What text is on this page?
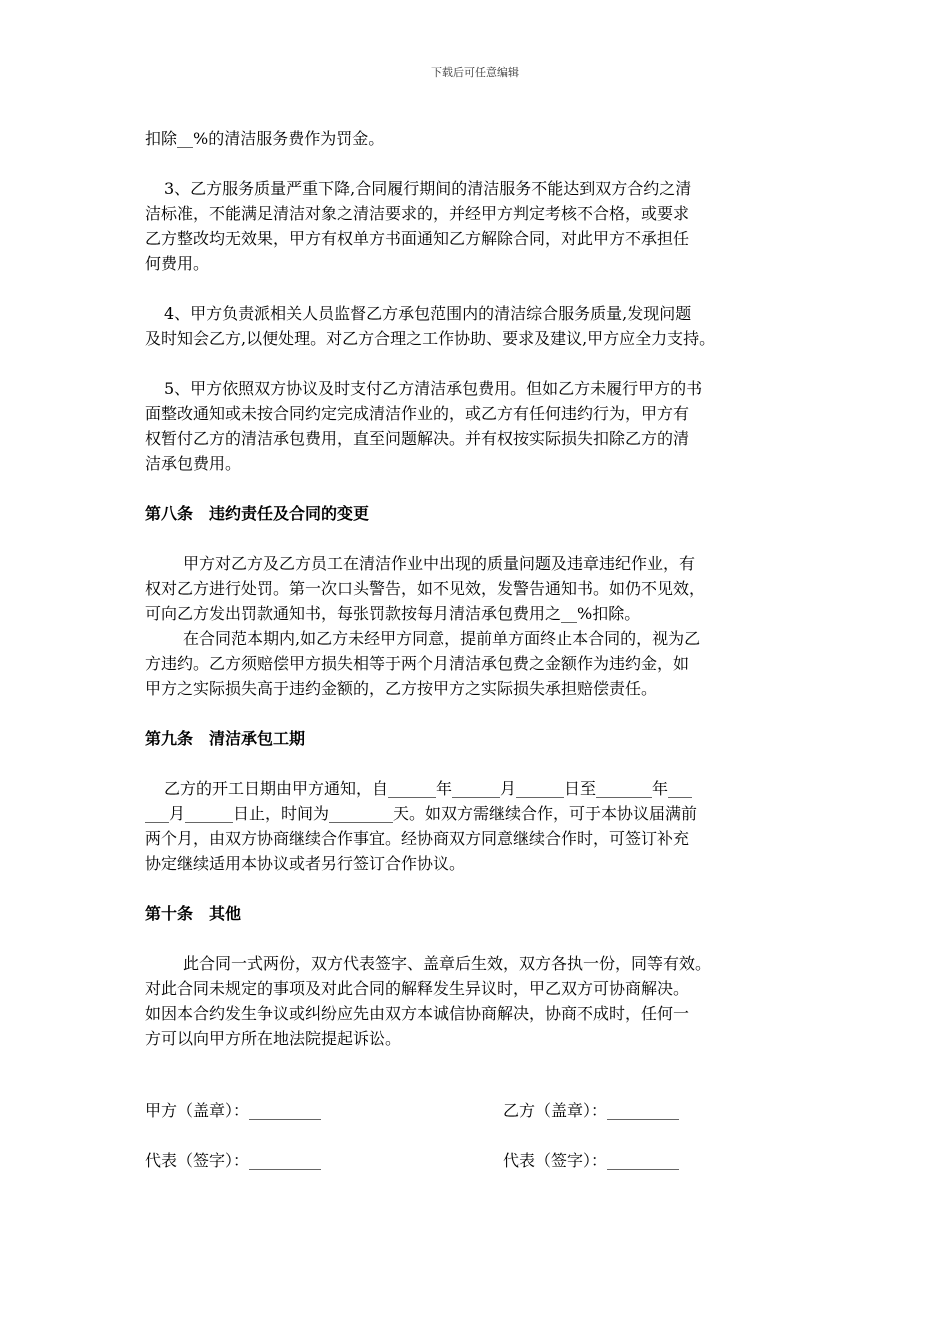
下载后可任意编辑
扣除__%的清洁服务费作为罚金。
3、乙方服务质量严重下降,合同履行期间的清洁服务不能达到双方合约之清
洁标准，不能满足清洁对象之清洁要求的，并经甲方判定考核不合格，或要求
乙方整改均无效果，甲方有权单方书面通知乙方解除合同，对此甲方不承担任
何费用。
4、甲方负责派相关人员监督乙方承包范围内的清洁综合服务质量,发现问题
及时知会乙方,以便处理。对乙方合理之工作协助、要求及建议,甲方应全力支持。
5、甲方依照双方协议及时支付乙方清洁承包费用。但如乙方未履行甲方的书
面整改通知或未按合同约定完成清洁作业的，或乙方有任何违约行为，甲方有
权暂付乙方的清洁承包费用，直至问题解决。并有权按实际损失扣除乙方的清
洁承包费用。
第八条　违约责任及合同的变更
甲方对乙方及乙方员工在清洁作业中出现的质量问题及违章违纪作业，有
权对乙方进行处罚。第一次口头警告，如不见效，发警告通知书。如仍不见效，
可向乙方发出罚款通知书，每张罚款按每月清洁承包费用之__%扣除。
在合同范本期内,如乙方未经甲方同意，提前单方面终止本合同的，视为乙
方违约。乙方须赔偿甲方损失相等于两个月清洁承包费之金额作为违约金，如
甲方之实际损失高于违约金额的，乙方按甲方之实际损失承担赔偿责任。
第九条　清洁承包工期
乙方的开工日期由甲方通知，自______年______月______日至_______年___
___月______日止，时间为________天。如双方需继续合作，可于本协议届满前
两个月，由双方协商继续合作事宜。经协商双方同意继续合作时，可签订补充
协定继续适用本协议或者另行签订合作协议。
第十条　其他
此合同一式两份，双方代表签字、盖章后生效，双方各执一份，同等有效。
对此合同未规定的事项及对此合同的解释发生异议时，甲乙双方可协商解决。
如因本合约发生争议或纠纷应先由双方本诚信协商解决，协商不成时，任何一
方可以向甲方所在地法院提起诉讼。
甲方（盖章）：_________	乙方（盖章）：_________
代表（签字）：_________	代表（签字）：_________
